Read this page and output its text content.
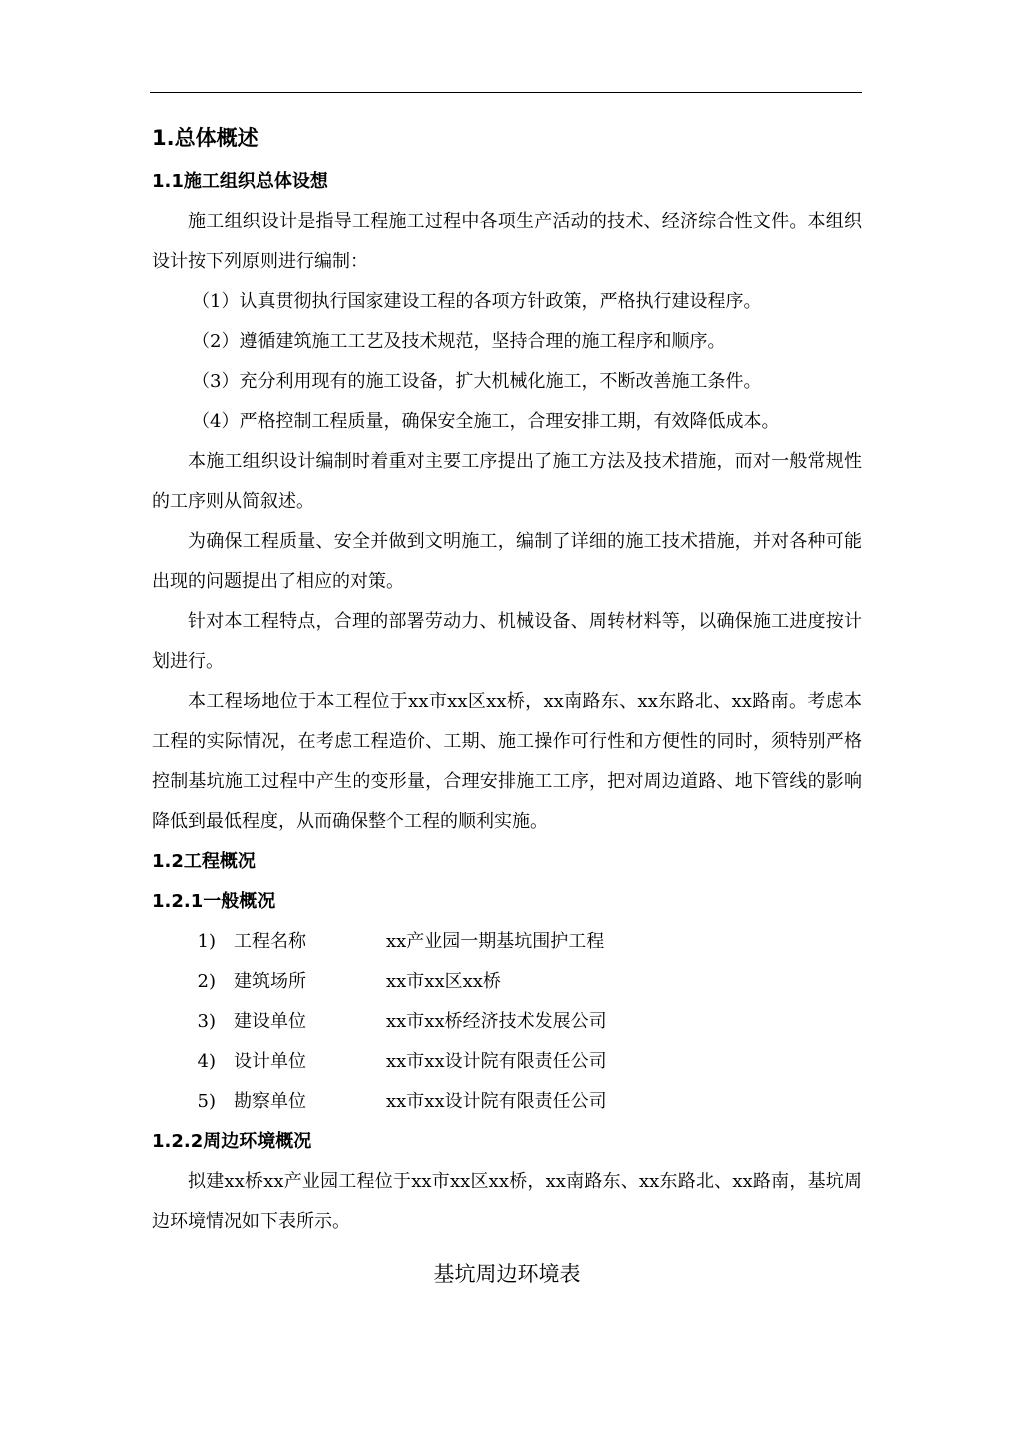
1.总体概述
1.1施工组织总体设想

施工组织设计是指导工程施工过程中各项生产活动的技术、经济综合性文件。本组织设计按下列原则进行编制：

（1）认真贯彻执行国家建设工程的各项方针政策，严格执行建设程序。

（2）遵循建筑施工工艺及技术规范，坚持合理的施工程序和顺序。

（3）充分利用现有的施工设备，扩大机械化施工，不断改善施工条件。

（4）严格控制工程质量，确保安全施工，合理安排工期，有效降低成本。

本施工组织设计编制时着重对主要工序提出了施工方法及技术措施，而对一般常规性的工序则从简叙述。

为确保工程质量、安全并做到文明施工，编制了详细的施工技术措施，并对各种可能出现的问题提出了相应的对策。

针对本工程特点，合理的部署劳动力、机械设备、周转材料等，以确保施工进度按计划进行。

本工程场地位于本工程位于xx市xx区xx桥，xx南路东、xx东路北、xx路南。考虑本工程的实际情况，在考虑工程造价、工期、施工操作可行性和方便性的同时，须特别严格控制基坑施工过程中产生的变形量，合理安排施工工序，把对周边道路、地下管线的影响降低到最低程度，从而确保整个工程的顺利实施。

1.2工程概况
1.2.1一般概况
1)	工程名称	xx产业园一期基坑围护工程
2)	建筑场所	xx市xx区xx桥
3)	建设单位	xx市xx桥经济技术发展公司
4)	设计单位	xx市xx设计院有限责任公司
5)	勘察单位	xx市xx设计院有限责任公司
1.2.2周边环境概况

拟建xx桥xx产业园工程位于xx市xx区xx桥，xx南路东、xx东路北、xx路南，基坑周边环境情况如下表所示。

基坑周边环境表
